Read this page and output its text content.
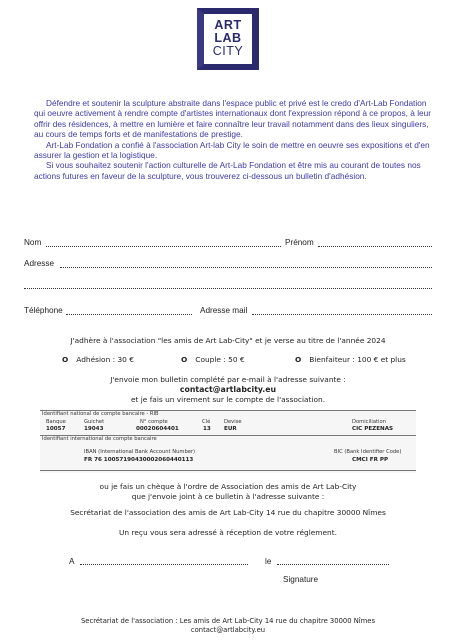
ART
LAB
CITY

Défendre et soutenir la sculpture abstraite dans l'espace public et privé est le credo d'Art-Lab Fondation qui oeuvre activement à rendre compte d'artistes internationaux dont l'expression répond à ce propos, à leur offrir des résidences, à mettre en lumière et faire connaître leur travail notamment dans des lieux singuliers, au cours de temps forts et de manifestations de prestige.

Art-Lab Fondation a confié à l'association Art-lab City le soin de mettre en oeuvre ses expositions et d'en assurer la gestion et la logistique.

Si vous souhaitez soutenir l'action culturelle de Art-Lab Fondation et être mis au courant de toutes nos actions futures en faveur de la sculpture, vous trouverez ci-dessous un bulletin d'adhésion.

Nom	Prénom
Adresse
Téléphone	Adresse mail
J'adhère à l'association "les amis de Art Lab-City" et je verse au titre de l'année 2024
O Adhésion : 30 €	O Couple : 50 €	O Bienfaiteur : 100 € et plus
J'envoie mon bulletin complété par e-mail à l'adresse suivante :
contact@artlabcity.eu
et je fais un virement sur le compte de l'association.
Identifiant national de compte bancaire - RIB
Banque	Guichet	N° compte	Clé	Devise	Domiciliation
10057	19043	00020604401	13 EUR	CIC PEZENAS
Identifiant international de compte bancaire
IBAN (International Bank Account Number)	BIC (Bank Identifier Code)
FR 76 10057190430002060440113	CMCI FR PP
ou je fais un chèque à l'ordre de Association des amis de Art Lab-City
que j'envoie joint à ce bulletin à l'adresse suivante :
Secrétariat de l'association des amis de Art Lab-City 14 rue du chapitre 30000 Nîmes
Un reçu vous sera adressé à réception de votre réglement.
A	le
Signature
Secrétariat de l'association : Les amis de Art Lab-City 14 rue du chapitre 30000 Nîmes
contact@artlabcity.eu
